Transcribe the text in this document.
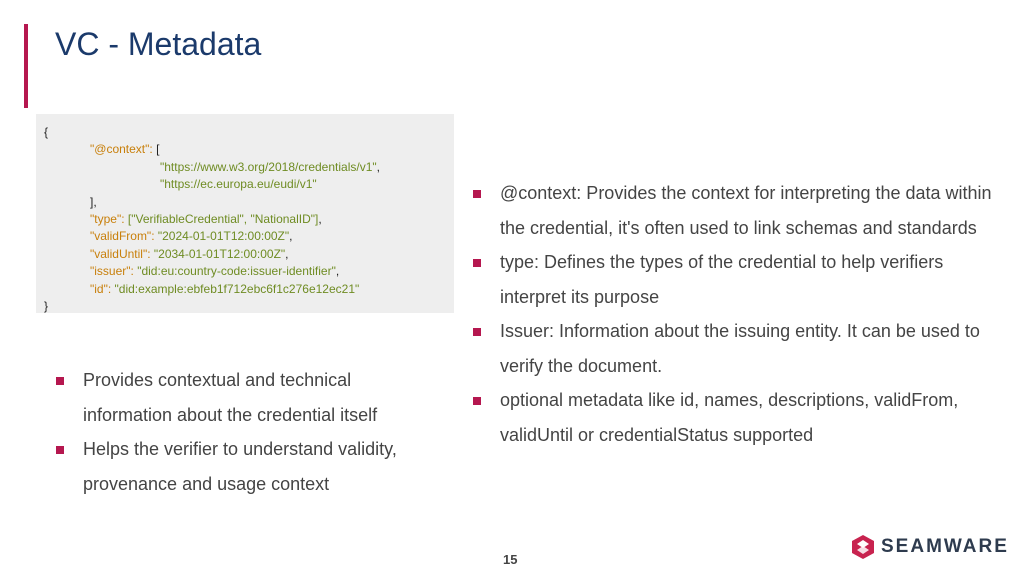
VC - Metadata
{
"@context": [
"https://www.w3.org/2018/credentials/v1",
"https://ec.europa.eu/eudi/v1"
],
"type": ["VerifiableCredential", "NationalID"],
"validFrom": "2024-01-01T12:00:00Z",
"validUntil": "2034-01-01T12:00:00Z",
"issuer": "did:eu:country-code:issuer-identifier",
"id": "did:example:ebfeb1f712ebc6f1c276e12ec21"
}
Provides contextual and technical information about the credential itself
Helps the verifier to understand validity, provenance and usage context
@context: Provides the context for interpreting the data within the credential, it's often used to link schemas and standards
type: Defines the types of the credential to help verifiers interpret its purpose
Issuer: Information about the issuing entity. It can be used to verify the document.
optional metadata like id, names, descriptions, validFrom, validUntil or credentialStatus supported
15
SEAMWARE
